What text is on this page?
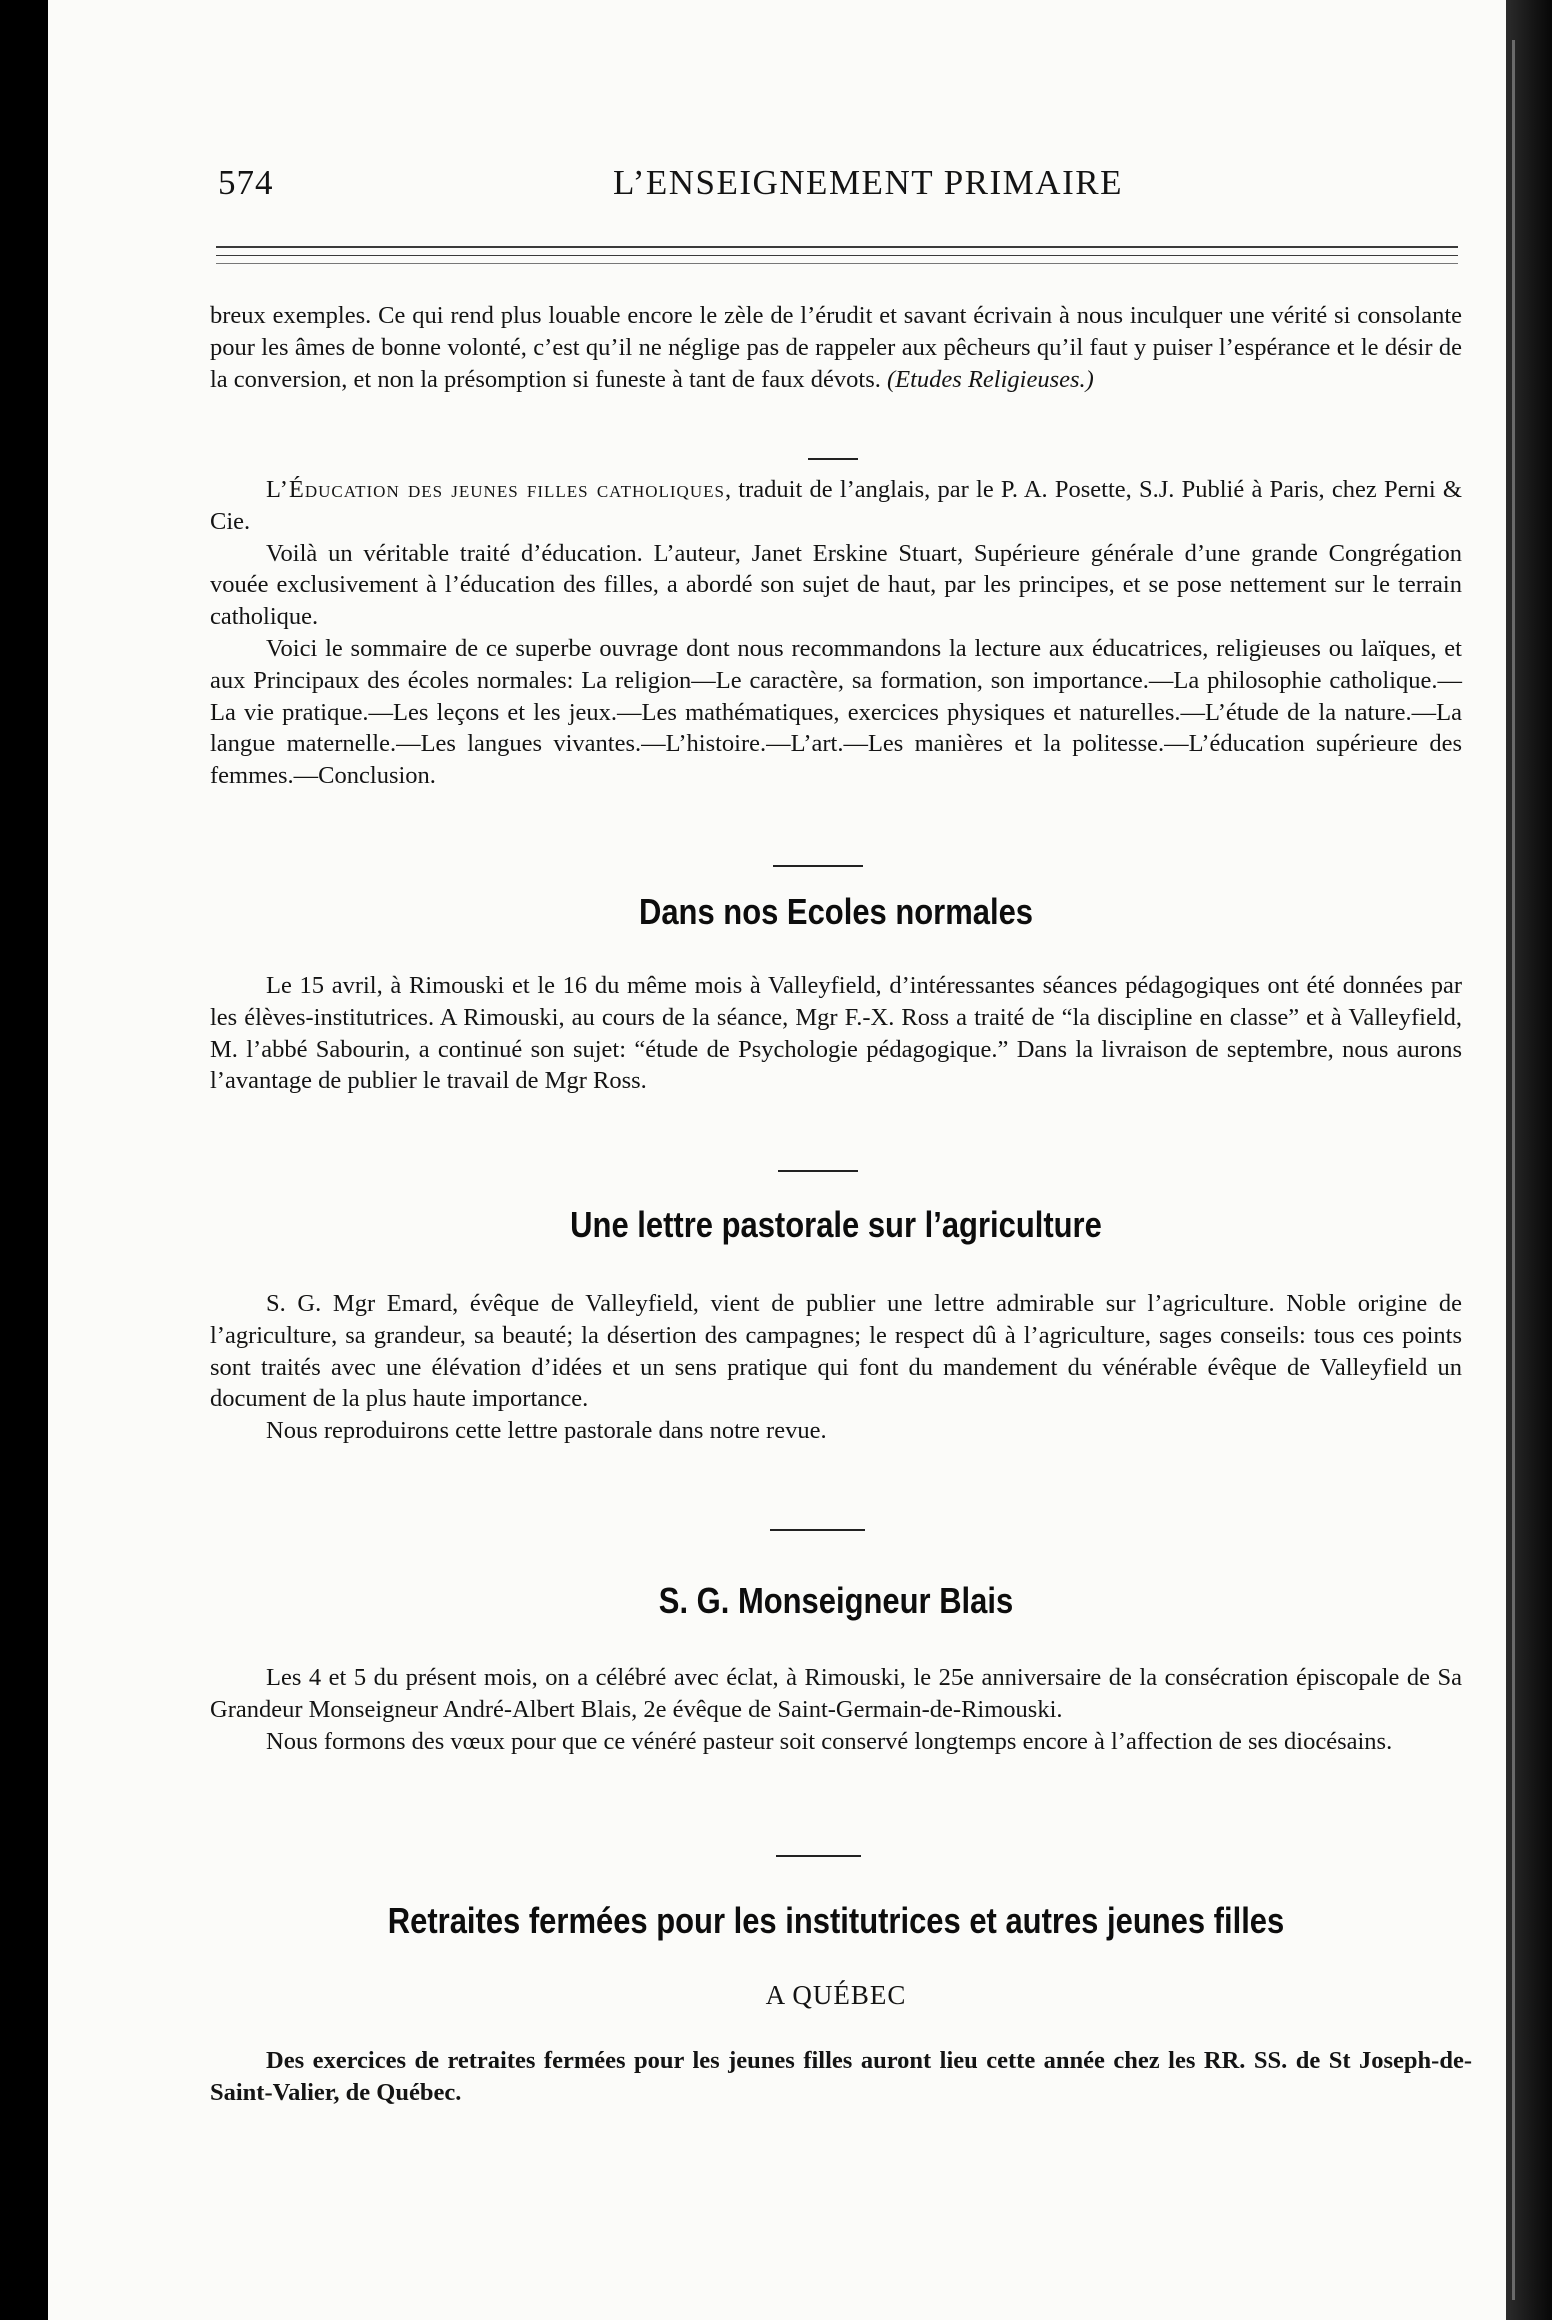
574	L’ENSEIGNEMENT PRIMAIRE

breux exemples. Ce qui rend plus louable encore le zèle de l’érudit et savant écrivain à nous inculquer une vérité si consolante pour les âmes de bonne volonté, c’est qu’il ne néglige pas de rappeler aux pêcheurs qu’il faut y puiser l’espérance et le désir de la conversion, et non la présomption si funeste à tant de faux dévots. (Etudes Religieuses.)

L’Éducation des jeunes filles catholiques, traduit de l’anglais, par le P. A. Posette, S.J. Publié à Paris, chez Perni & Cie.

Voilà un véritable traité d’éducation. L’auteur, Janet Erskine Stuart, Supérieure générale d’une grande Congrégation vouée exclusivement à l’éducation des filles, a abordé son sujet de haut, par les principes, et se pose nettement sur le terrain catholique.

Voici le sommaire de ce superbe ouvrage dont nous recommandons la lecture aux éducatrices, religieuses ou laïques, et aux Principaux des écoles normales: La religion—Le caractère, sa formation, son importance.—La philosophie catholique.—La vie pratique.—Les leçons et les jeux.—Les mathématiques, exercices physiques et naturelles.—L’étude de la nature.—La langue maternelle.—Les langues vivantes.—L’histoire.—L’art.—Les manières et la politesse.—L’éducation supérieure des femmes.—Conclusion.

Dans nos Ecoles normales

Le 15 avril, à Rimouski et le 16 du même mois à Valleyfield, d’intéressantes séances pédagogiques ont été données par les élèves-institutrices. A Rimouski, au cours de la séance, Mgr F.-X. Ross a traité de “la discipline en classe” et à Valleyfield, M. l’abbé Sabourin, a continué son sujet: “étude de Psychologie pédagogique.” Dans la livraison de septembre, nous aurons l’avantage de publier le travail de Mgr Ross.

Une lettre pastorale sur l’agriculture

S. G. Mgr Emard, évêque de Valleyfield, vient de publier une lettre admirable sur l’agriculture. Noble origine de l’agriculture, sa grandeur, sa beauté; la désertion des campagnes; le respect dû à l’agriculture, sages conseils: tous ces points sont traités avec une élévation d’idées et un sens pratique qui font du mandement du vénérable évêque de Valleyfield un document de la plus haute importance.

Nous reproduirons cette lettre pastorale dans notre revue.

S. G. Monseigneur Blais

Les 4 et 5 du présent mois, on a célébré avec éclat, à Rimouski, le 25e anniversaire de la consécration épiscopale de Sa Grandeur Monseigneur André-Albert Blais, 2e évêque de Saint-Germain-de-Rimouski.

Nous formons des vœux pour que ce vénéré pasteur soit conservé longtemps encore à l’affection de ses diocésains.

Retraites fermées pour les institutrices et autres jeunes filles
A QUÉBEC

Des exercices de retraites fermées pour les jeunes filles auront lieu cette année chez les RR. SS. de St Joseph-de-Saint-Valier, de Québec.
